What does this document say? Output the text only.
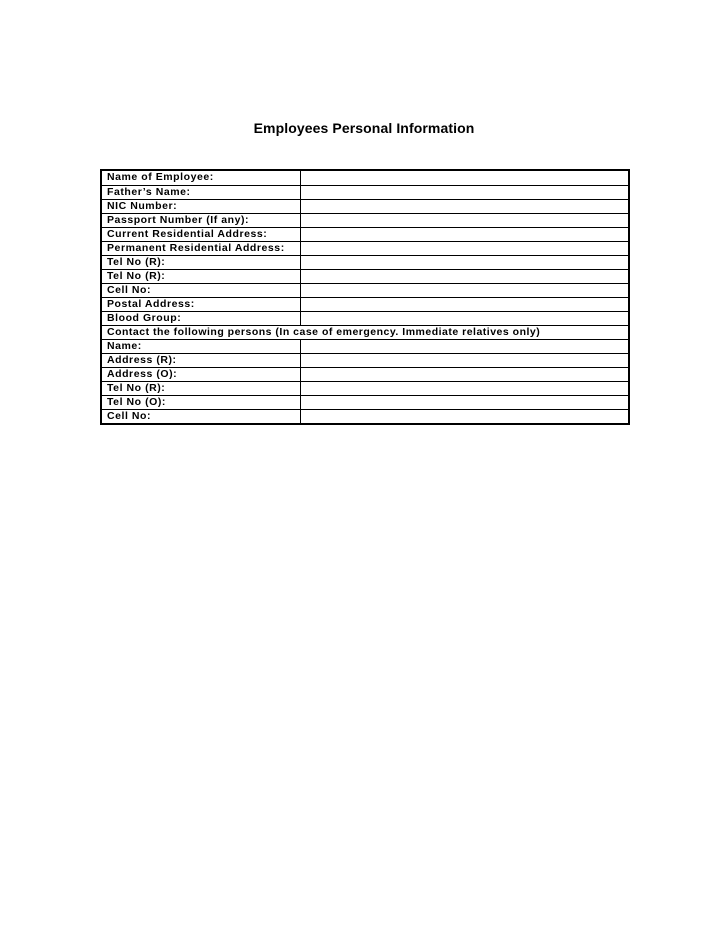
Employees Personal Information
Name of Employee:
Father’s Name:
NIC Number:
Passport Number (If any):
Current Residential Address:
Permanent Residential Address:
Tel No (R):
Tel No (R):
Cell No:
Postal Address:
Blood Group:
Contact the following persons (In case of emergency. Immediate relatives only)
Name:
Address (R):
Address (O):
Tel No (R):
Tel No (O):
Cell No:
